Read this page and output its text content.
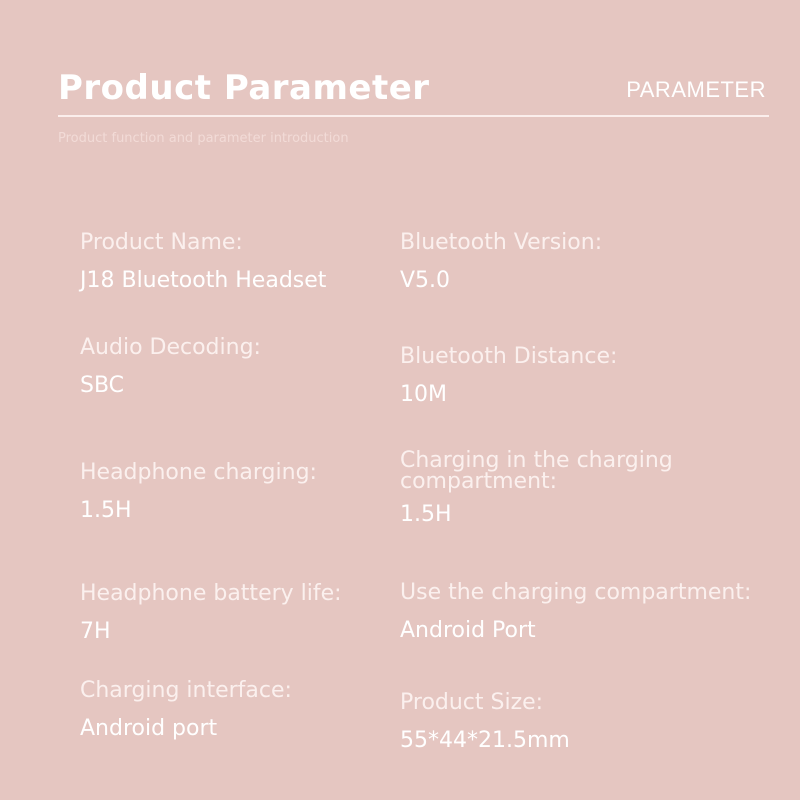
Product Parameter	PARAMETER
Product function and parameter introduction
Product Name:
J18 Bluetooth Headset
Bluetooth Version:
V5.0
Audio Decoding:
SBC
Bluetooth Distance:
10M
Headphone charging:
1.5H
Charging in the charging compartment:
1.5H
Headphone battery life:
7H
Use the charging compartment:
Android Port
Charging interface:
Android port
Product Size:
55*44*21.5mm
